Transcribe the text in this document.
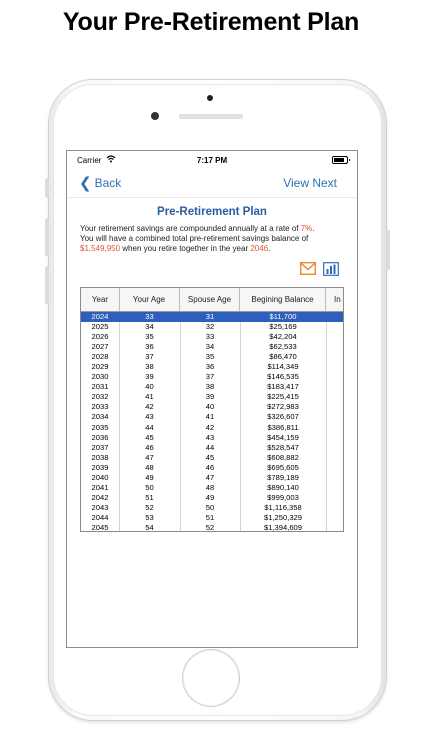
Your Pre-Retirement Plan
Carrier	7:17 PM
❮ Back	View Next
Pre-Retirement Plan
Your retirement savings are compounded annually at a rate of 7%.
You will have a combined total pre-retirement savings balance of
$1,549,950 when you retire together in the year 2046.
Year	Your Age	Spouse Age	Begining Balance	In
2024	33	31	$11,700
2025	34	32	$25,169
2026	35	33	$42,204
2027	36	34	$62,533
2028	37	35	$86,470
2029	38	36	$114,349
2030	39	37	$146,535
2031	40	38	$183,417
2032	41	39	$225,415
2033	42	40	$272,983
2034	43	41	$326,607
2035	44	42	$386,811
2036	45	43	$454,159
2037	46	44	$528,547
2038	47	45	$608,882
2039	48	46	$695,605
2040	49	47	$789,189
2041	50	48	$890,140
2042	51	49	$999,003
2043	52	50	$1,116,358
2044	53	51	$1,250,329
2045	54	52	$1,394,609
